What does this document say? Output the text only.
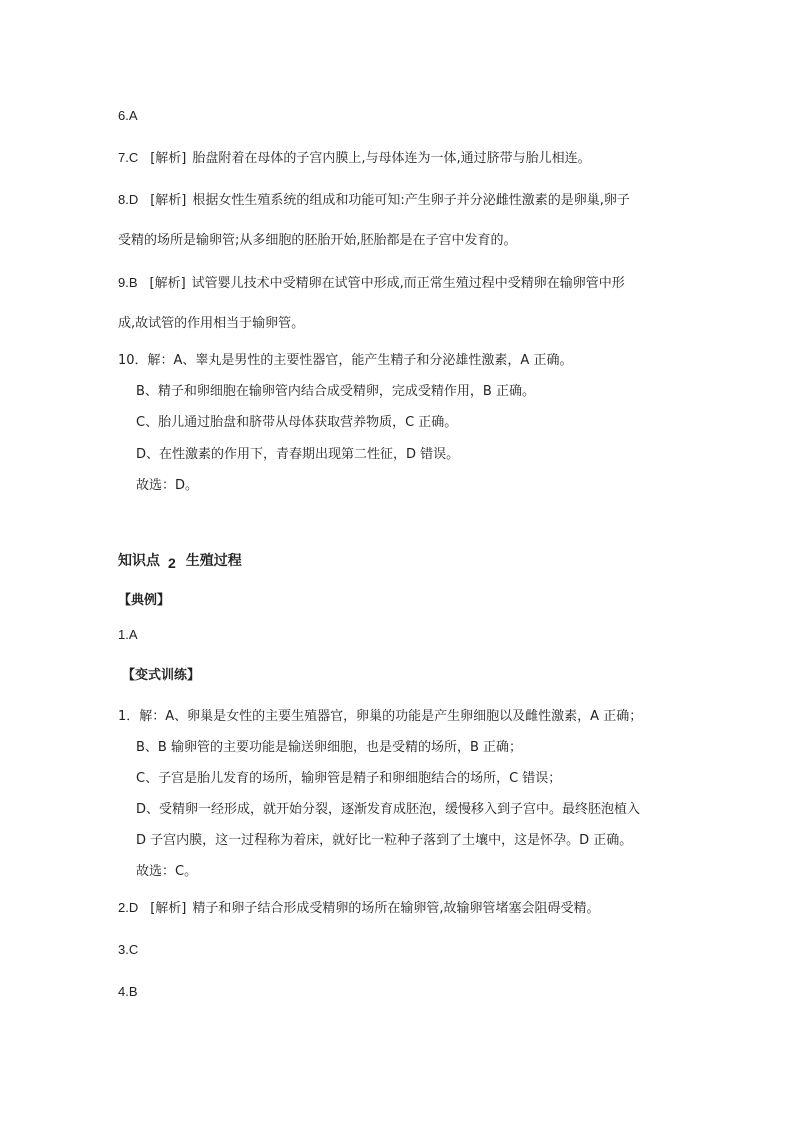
6.A
7.C [解析] 胎盘附着在母体的子宫内膜上,与母体连为一体,通过脐带与胎儿相连。
8.D [解析] 根据女性生殖系统的组成和功能可知:产生卵子并分泌雌性激素的是卵巢,卵子
受精的场所是输卵管;从多细胞的胚胎开始,胚胎都是在子宫中发育的。
9.B [解析] 试管婴儿技术中受精卵在试管中形成,而正常生殖过程中受精卵在输卵管中形
成,故试管的作用相当于输卵管。
10．解：A、睾丸是男性的主要性器官，能产生精子和分泌雄性激素，A 正确。
B、精子和卵细胞在输卵管内结合成受精卵，完成受精作用，B 正确。
C、胎儿通过胎盘和脐带从母体获取营养物质，C 正确。
D、在性激素的作用下，青春期出现第二性征，D 错误。
故选：D。
知识点 2 生殖过程
【典例】
1.A
【变式训练】
1．解：A、卵巢是女性的主要生殖器官，卵巢的功能是产生卵细胞以及雌性激素，A 正确；
B、B 输卵管的主要功能是输送卵细胞，也是受精的场所，B 正确；
C、子宫是胎儿发育的场所，输卵管是精子和卵细胞结合的场所，C 错误；
D、受精卵一经形成，就开始分裂，逐渐发育成胚泡，缓慢移入到子宫中。最终胚泡植入
D 子宫内膜，这一过程称为着床，就好比一粒种子落到了土壤中，这是怀孕。D 正确。
故选：C。
2.D [解析] 精子和卵子结合形成受精卵的场所在输卵管,故输卵管堵塞会阻碍受精。
3.C
4.B
